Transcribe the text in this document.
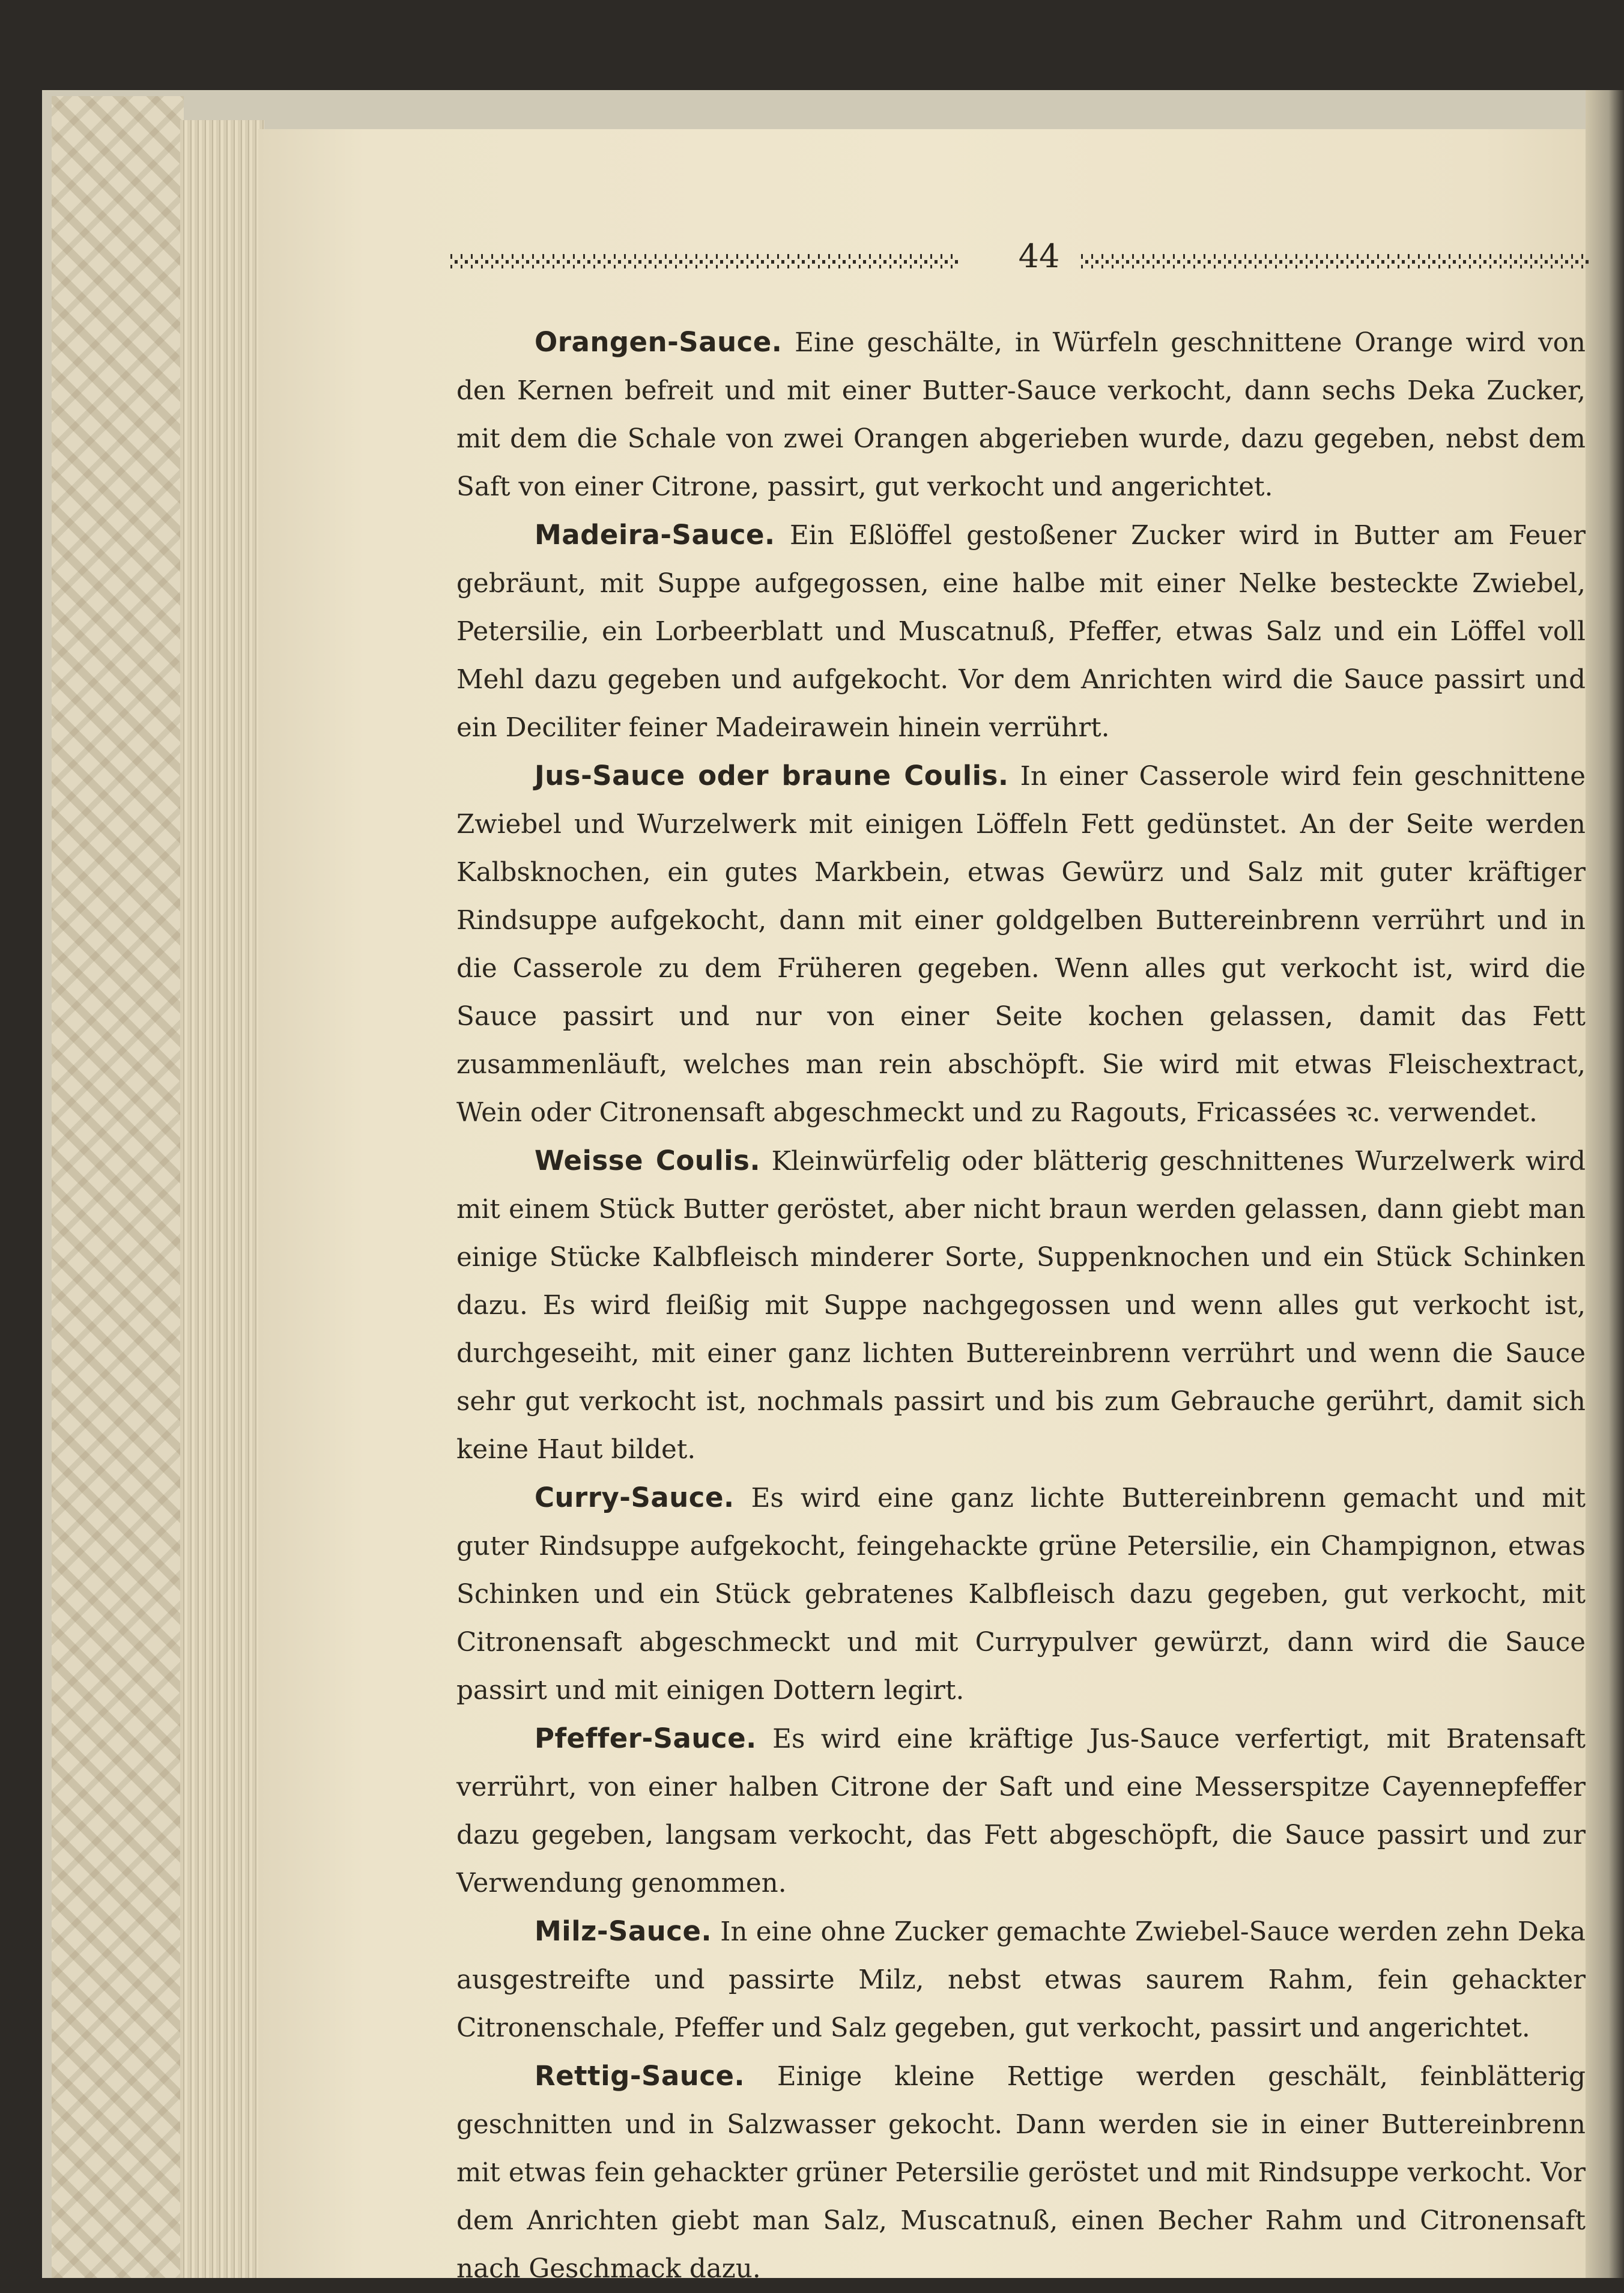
44

Orangen-Sauce. Eine geschälte, in Würfeln geschnittene Orange wird von den Kernen befreit und mit einer Butter-Sauce verkocht, dann sechs Deka Zucker, mit dem die Schale von zwei Orangen abgerieben wurde, dazu gegeben, nebst dem Saft von einer Citrone, passirt, gut verkocht und angerichtet.

Madeira-Sauce. Ein Eßlöffel gestoßener Zucker wird in Butter am Feuer gebräunt, mit Suppe aufgegossen, eine halbe mit einer Nelke besteckte Zwiebel, Petersilie, ein Lorbeerblatt und Muscatnuß, Pfeffer, etwas Salz und ein Löffel voll Mehl dazu gegeben und aufgekocht. Vor dem Anrichten wird die Sauce passirt und ein Deciliter feiner Madeirawein hinein verrührt.

Jus-Sauce oder braune Coulis. In einer Casserole wird fein geschnittene Zwiebel und Wurzelwerk mit einigen Löffeln Fett gedünstet. An der Seite werden Kalbsknochen, ein gutes Markbein, etwas Gewürz und Salz mit guter kräftiger Rindsuppe aufgekocht, dann mit einer goldgelben Buttereinbrenn verrührt und in die Casserole zu dem Früheren gegeben. Wenn alles gut verkocht ist, wird die Sauce passirt und nur von einer Seite kochen gelassen, damit das Fett zusammenläuft, welches man rein abschöpft. Sie wird mit etwas Fleischextract, Wein oder Citronensaft abgeschmeckt und zu Ragouts, Fricassées ꝛc. verwendet.

Weisse Coulis. Kleinwürfelig oder blätterig geschnittenes Wurzelwerk wird mit einem Stück Butter geröstet, aber nicht braun werden gelassen, dann giebt man einige Stücke Kalbfleisch minderer Sorte, Suppenknochen und ein Stück Schinken dazu. Es wird fleißig mit Suppe nachgegossen und wenn alles gut verkocht ist, durchgeseiht, mit einer ganz lichten Buttereinbrenn verrührt und wenn die Sauce sehr gut verkocht ist, nochmals passirt und bis zum Gebrauche gerührt, damit sich keine Haut bildet.

Curry-Sauce. Es wird eine ganz lichte Buttereinbrenn gemacht und mit guter Rindsuppe aufgekocht, feingehackte grüne Petersilie, ein Champignon, etwas Schinken und ein Stück gebratenes Kalbfleisch dazu gegeben, gut verkocht, mit Citronensaft abgeschmeckt und mit Currypulver gewürzt, dann wird die Sauce passirt und mit einigen Dottern legirt.

Pfeffer-Sauce. Es wird eine kräftige Jus-Sauce verfertigt, mit Bratensaft verrührt, von einer halben Citrone der Saft und eine Messerspitze Cayennepfeffer dazu gegeben, langsam verkocht, das Fett abgeschöpft, die Sauce passirt und zur Verwendung genommen.

Milz-Sauce. In eine ohne Zucker gemachte Zwiebel-Sauce werden zehn Deka ausgestreifte und passirte Milz, nebst etwas saurem Rahm, fein gehackter Citronenschale, Pfeffer und Salz gegeben, gut verkocht, passirt und angerichtet.

Rettig-Sauce. Einige kleine Rettige werden geschält, feinblätterig geschnitten und in Salzwasser gekocht. Dann werden sie in einer Buttereinbrenn mit etwas fein gehackter grüner Petersilie geröstet und mit Rindsuppe verkocht. Vor dem Anrichten giebt man Salz, Muscatnuß, einen Becher Rahm und Citronensaft nach Geschmack dazu.
